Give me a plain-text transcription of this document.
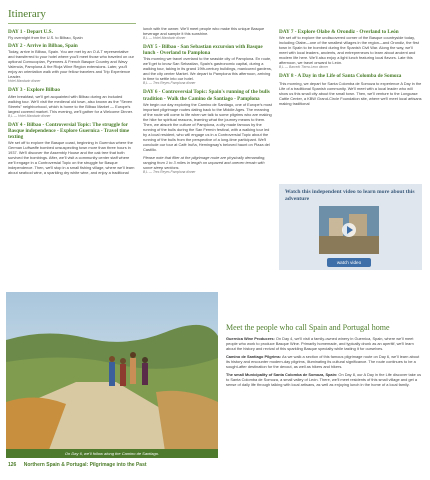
Itinerary
DAY 1 - Depart U.S.

Fly overnight from the U.S. to Bilbao, Spain

DAY 2 - Arrive in Bilbao, Spain

Today, arrive in Bilbao, Spain. You are met by an O.A.T representative and transferred to your hotel where you'll meet those who traveled on our optional Cornucopian, Pyrenees & French Basque Country and Wavy Valencia, Pamplona & the Rioja Wine Region extensions. Later, you'll enjoy an orientation walk with your fellow travelers and Trip Experience Leader.

Hotel Mandarin dinner
DAY 3 - Explore Bilbao

After breakfast, we'll get acquainted with Bilbao during an included walking tour. We'll visit the medieval old town, also known as the "Seven Streets" neighborhood, which is home to the Bilbao Market — Europe's largest covered market. This evening, we'll gather for a Welcome Dinner.

B,L — Hotel Mandarin dinner
DAY 4 - Bilbao - Controversial Topic: The struggle for Basque independence - Explore Guernica - Travel time texting

We set off to explore the Basque coast, beginning in Guernica where the German Luftwaffe bombed unsuspecting town more than three hours in 1937. We'll discover the Assembly House and the oak tree that both survived the bombings. After, we'll visit a community center staff where we'll engage in a Controversial Topic on the struggle for Basque independence. Then, we'll stop in a small fishing village, where we'll learn about seafood wine, a sparkling dry white wine, and enjoy a traditional

lunch with the owner. We'll meet people who make this unique Basque beverage and sample it this sunshine.

B,L — Hotel Mandarin dinner
DAY 5 - Bilbao - San Sebastian excursion with Basque lunch - Overland to Pamplona

This morning we travel overland to the seaside city of Pamplona. En route, we'll get to know San Sebastian, Spain's gastronomic capital, during a walking tour, taking in its grand 19th-century buildings, manicured gardens, and the city center Market. We depart to Pamplona this afternoon, arriving in time to settle into our hotel.

B,L — Tres Reyes Pamplona dinner
DAY 6 - Controversial Topic: Spain's running of the bulls tradition - Walk the Camino de Santiago - Pamplona

We begin our day exploring the Camino de Santiago, one of Europe's most important pilgrimage routes dating back to the Middle Ages. The meaning of the route will come to life when we talk to some pilgrims who are making the hike for spiritual reasons, learning what the journey means to them. Then, we absorb the culture of Pamplona, a city made famous by the running of the bulls during the San Fermín festival, with a walking tour led by a local resident, who will engage us in a Controversial Topic about the running of the bulls from the perspective of a long-time participant. We'll conclude our tour at Café Iruña, Hemingway's beloved haunt on Plaza del Castillo.

Please note that filter at the pilgrimage route are physically demanding, ranging from 1 to 3 miles in length on unpaved and uneven terrain with some steep sections.

B,L — Tres Reyes Pamplona dinner
DAY 7 - Explore Olabe & Orondiz - Overland to León

We set off to explore the undiscovered corner of the Basque countryside today, including Olabe—one of the smallest villages in the region—and Orondiz, the first town in Spain to be bombed during the Spanish Civil War. Along the way, we'll meet with local leaders, ancients, and entrepreneurs to learn about ancient and modern life here. We'll also enjoy a light lunch featuring local flavors. Late this afternoon, we travel onward to León.

B,L — Barceló Tierra Leon dinner
DAY 8 - A Day in the Life of Santa Colomba de Somoza

This morning, we depart for Santa Colomba de Somoza to experience A Day in the Life of a traditional Spanish community. We'll meet with a local leader who will show us this small city about the small town. Then, we'll venture to the Longcase Cattle Center, a KBW Grand-Circle Foundation site, where we'll meet local artisans making traditional

Watch this independent video to learn more about this adventure
watch video
On Day 6, we'll follow along the Camino de Santiago.
Meet the people who call Spain and Portugal home

Guernica Wine Producers: On Day 4, we'll visit a family-owned winery in Guernica, Spain, where we'll meet people who work to produce Basque Wine. Primarily homemade, and typically drunk as an aperitif, we'll learn about the history and revival of this sparkling Basque specialty while tasting it for ourselves.

Camino de Santiago Pilgrims: As we walk a section of this famous pilgrimage route on Day 6, we'll learn about its history and encounter modern-day pilgrims, illuminating its cultural significance. The route continues to be a sought-after destination for the devout, as well as hikers and hikers.

The small Municipality of Santa Colomba de Somoza, Spain: On Day 8, our A Day in the Life discover take us to Santa Colomba de Somoza, a small valley of León. There, we'll meet residents of this small village and get a sense of daily life through talking with local artisans, as well as enjoying lunch in the home of a local family.

126 Northern Spain & Portugal: Pilgrimage into the Past
